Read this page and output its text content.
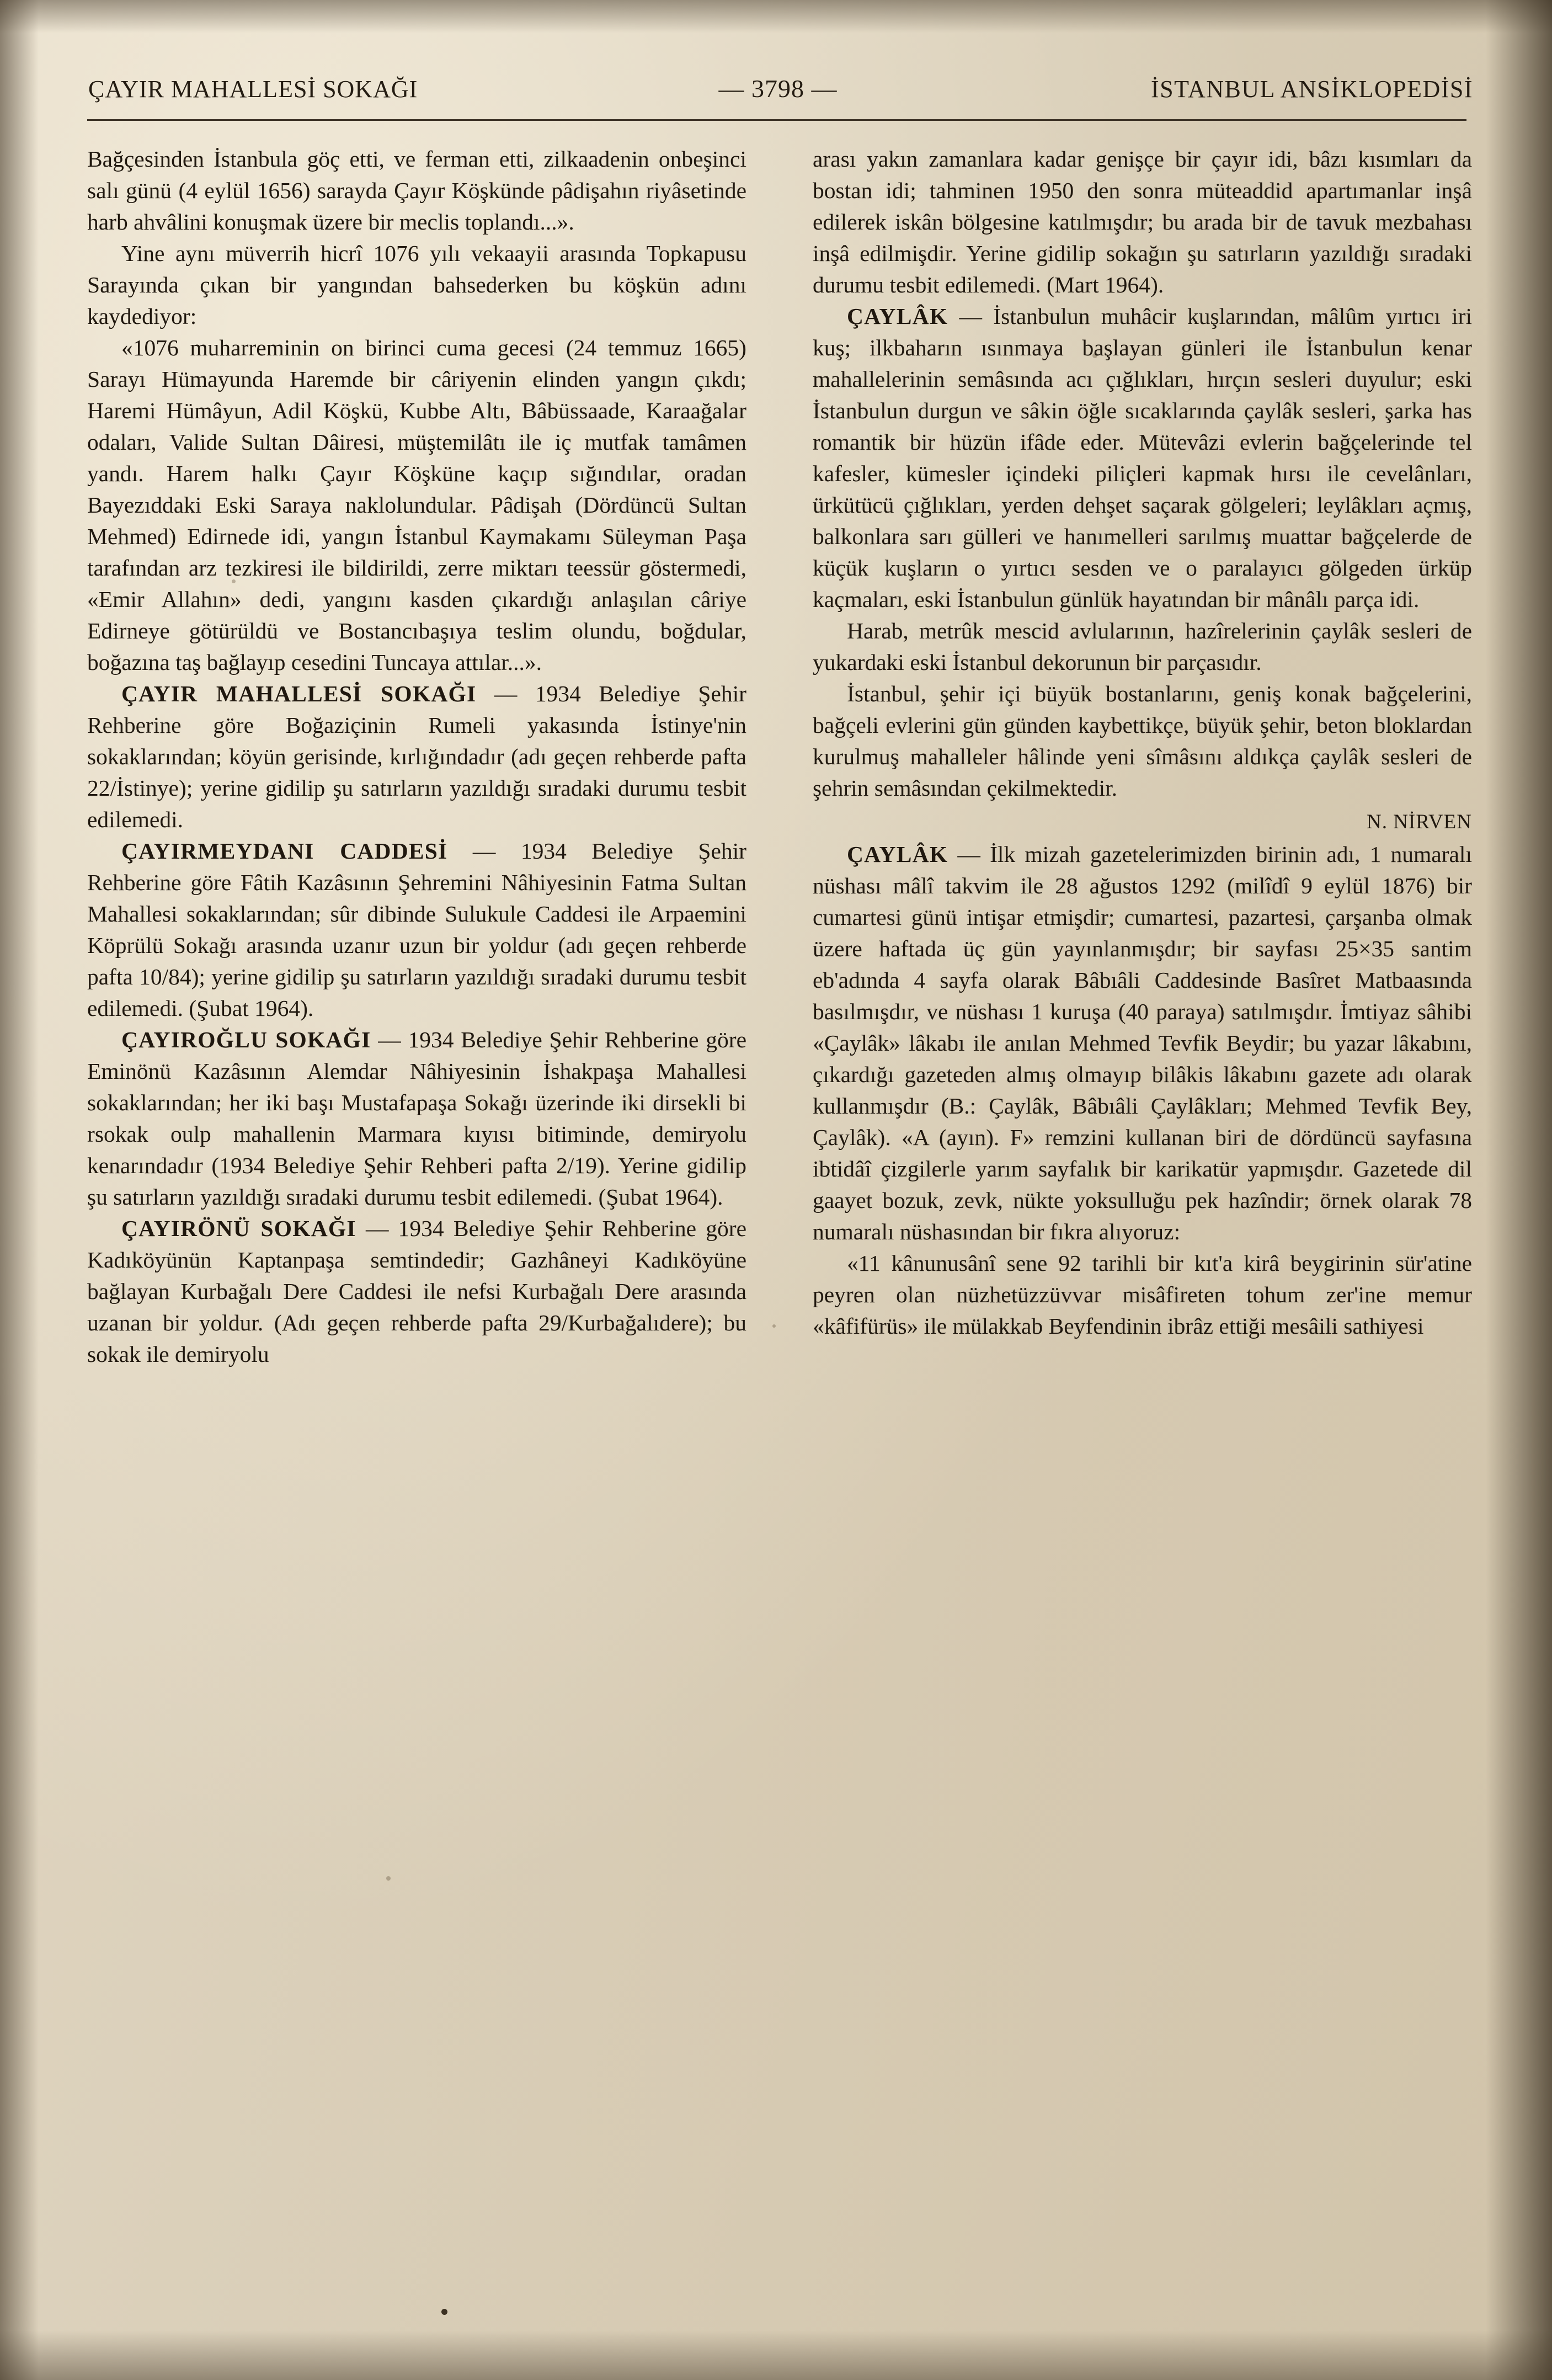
ÇAYIR MAHALLESİ SOKAĞI	— 3798 —	İSTANBUL ANSİKLOPEDİSİ

Bağçesinden İstanbula göç etti, ve ferman etti, zilkaadenin onbeşinci salı günü (4 eylül 1656) sarayda Çayır Köşkünde pâdişahın riyâsetinde harb ahvâlini konuşmak üzere bir meclis toplandı...».

Yine aynı müverrih hicrî 1076 yılı vekaayii arasında Topkapusu Sarayında çıkan bir yangından bahsederken bu köşkün adını kaydediyor:

«1076 muharreminin on birinci cuma gecesi (24 temmuz 1665) Sarayı Hümayunda Haremde bir câriyenin elinden yangın çıkdı; Haremi Hümâyun, Adil Köşkü, Kubbe Altı, Bâbüssaade, Karaağalar odaları, Valide Sultan Dâiresi, müştemilâtı ile iç mutfak tamâmen yandı. Harem halkı Çayır Köşküne kaçıp sığındılar, oradan Bayezıddaki Eski Saraya naklolundular. Pâdişah (Dördüncü Sultan Mehmed) Edirnede idi, yangın İstanbul Kaymakamı Süleyman Paşa tarafından arz tezkiresi ile bildirildi, zerre miktarı teessür göstermedi, «Emir Allahın» dedi, yangını kasden çıkardığı anlaşılan câriye Edirneye götürüldü ve Bostancıbaşıya teslim olundu, boğdular, boğazına taş bağlayıp cesedini Tuncaya attılar...».

ÇAYIR MAHALLESİ SOKAĞI — 1934 Belediye Şehir Rehberine göre Boğaziçinin Rumeli yakasında İstinye'nin sokaklarından; köyün gerisinde, kırlığındadır (adı geçen rehberde pafta 22/İstinye); yerine gidilip şu satırların yazıldığı sıradaki durumu tesbit edilemedi.

ÇAYIRMEYDANI CADDESİ — 1934 Belediye Şehir Rehberine göre Fâtih Kazâsının Şehremini Nâhiyesinin Fatma Sultan Mahallesi sokaklarından; sûr dibinde Sulukule Caddesi ile Arpaemini Köprülü Sokağı arasında uzanır uzun bir yoldur (adı geçen rehberde pafta 10/84); yerine gidilip şu satırların yazıldığı sıradaki durumu tesbit edilemedi. (Şubat 1964).

ÇAYIROĞLU SOKAĞI — 1934 Belediye Şehir Rehberine göre Eminönü Kazâsının Alemdar Nâhiyesinin İshakpaşa Mahallesi sokaklarından; her iki başı Mustafapaşa Sokağı üzerinde iki dirsekli bi rsokak oulp mahallenin Marmara kıyısı bitiminde, demiryolu kenarındadır (1934 Belediye Şehir Rehberi pafta 2/19). Yerine gidilip şu satırların yazıldığı sıradaki durumu tesbit edilemedi. (Şubat 1964).

ÇAYIRÖNÜ SOKAĞI — 1934 Belediye Şehir Rehberine göre Kadıköyünün Kaptanpaşa semtindedir; Gazhâneyi Kadıköyüne bağlayan Kurbağalı Dere Caddesi ile nefsi Kurbağalı Dere arasında uzanan bir yoldur. (Adı geçen rehberde pafta 29/Kurbağalıdere); bu sokak ile demiryolu

arası yakın zamanlara kadar genişçe bir çayır idi, bâzı kısımları da bostan idi; tahminen 1950 den sonra müteaddid apartımanlar inşâ edilerek iskân bölgesine katılmışdır; bu arada bir de tavuk mezbahası inşâ edilmişdir. Yerine gidilip sokağın şu satırların yazıldığı sıradaki durumu tesbit edilemedi. (Mart 1964).

ÇAYLÂK — İstanbulun muhâcir kuşlarından, mâlûm yırtıcı iri kuş; ilkbaharın ısınmaya başlayan günleri ile İstanbulun kenar mahallelerinin semâsında acı çığlıkları, hırçın sesleri duyulur; eski İstanbulun durgun ve sâkin öğle sıcaklarında çaylâk sesleri, şarka has romantik bir hüzün ifâde eder. Mütevâzi evlerin bağçelerinde tel kafesler, kümesler içindeki piliçleri kapmak hırsı ile cevelânları, ürkütücü çığlıkları, yerden dehşet saçarak gölgeleri; leylâkları açmış, balkonlara sarı gülleri ve hanımelleri sarılmış muattar bağçelerde de küçük kuşların o yırtıcı sesden ve o paralayıcı gölgeden ürküp kaçmaları, eski İstanbulun günlük hayatından bir mânâlı parça idi.

Harab, metrûk mescid avlularının, hazîrelerinin çaylâk sesleri de yukardaki eski İstanbul dekorunun bir parçasıdır.

İstanbul, şehir içi büyük bostanlarını, geniş konak bağçelerini, bağçeli evlerini gün günden kaybettikçe, büyük şehir, beton bloklardan kurulmuş mahalleler hâlinde yeni sîmâsını aldıkça çaylâk sesleri de şehrin semâsından çekilmektedir.

N. NİRVEN

ÇAYLÂK — İlk mizah gazetelerimizden birinin adı, 1 numaralı nüshası mâlî takvim ile 28 ağustos 1292 (milîdî 9 eylül 1876) bir cumartesi günü intişar etmişdir; cumartesi, pazartesi, çarşanba olmak üzere haftada üç gün yayınlanmışdır; bir sayfası 25×35 santim eb'adında 4 sayfa olarak Bâbıâli Caddesinde Basîret Matbaasında basılmışdır, ve nüshası 1 kuruşa (40 paraya) satılmışdır. İmtiyaz sâhibi «Çaylâk» lâkabı ile anılan Mehmed Tevfik Beydir; bu yazar lâkabını, çıkardığı gazeteden almış olmayıp bilâkis lâkabını gazete adı olarak kullanmışdır (B.: Çaylâk, Bâbıâli Çaylâkları; Mehmed Tevfik Bey, Çaylâk). «A (ayın). F» remzini kullanan biri de dördüncü sayfasına ibtidâî çizgilerle yarım sayfalık bir karikatür yapmışdır. Gazetede dil gaayet bozuk, zevk, nükte yoksulluğu pek hazîndir; örnek olarak 78 numaralı nüshasından bir fıkra alıyoruz:

«11 kânunusânî sene 92 tarihli bir kıt'a kirâ beygirinin sür'atine peyren olan nüzhetüzzüvvar misâfireten tohum zer'ine memur «kâfifürüs» ile mülakkab Beyfendinin ibrâz ettiği mesâili sathiyesi
